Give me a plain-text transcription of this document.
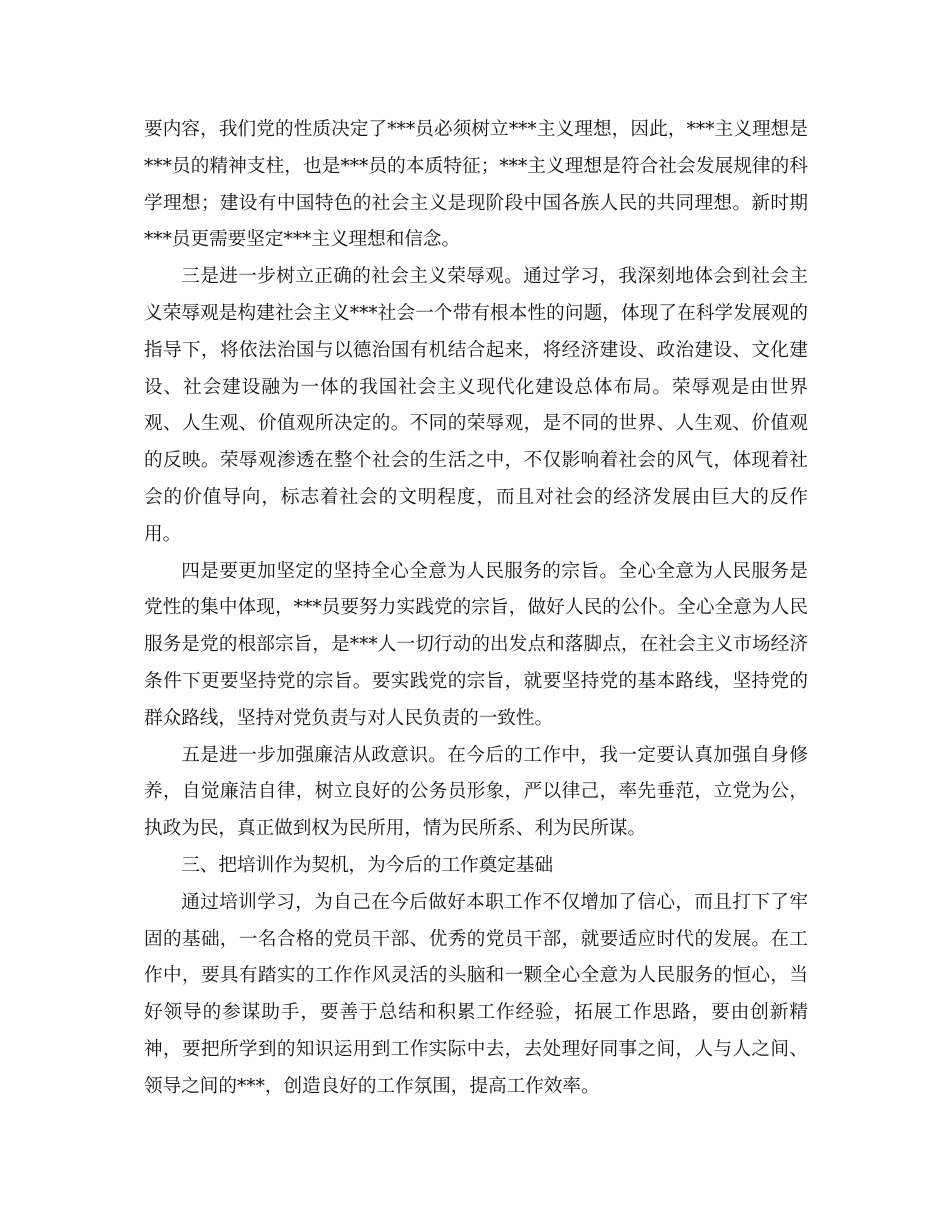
要内容，我们党的性质决定了***员必须树立***主义理想，因此，***主义理想是***员的精神支柱，也是***员的本质特征；***主义理想是符合社会发展规律的科学理想；建设有中国特色的社会主义是现阶段中国各族人民的共同理想。新时期***员更需要坚定***主义理想和信念。

三是进一步树立正确的社会主义荣辱观。通过学习，我深刻地体会到社会主义荣辱观是构建社会主义***社会一个带有根本性的问题，体现了在科学发展观的指导下，将依法治国与以德治国有机结合起来，将经济建设、政治建设、文化建设、社会建设融为一体的我国社会主义现代化建设总体布局。荣辱观是由世界观、人生观、价值观所决定的。不同的荣辱观，是不同的世界、人生观、价值观的反映。荣辱观渗透在整个社会的生活之中，不仅影响着社会的风气，体现着社会的价值导向，标志着社会的文明程度，而且对社会的经济发展由巨大的反作用。

四是要更加坚定的坚持全心全意为人民服务的宗旨。全心全意为人民服务是党性的集中体现，***员要努力实践党的宗旨，做好人民的公仆。全心全意为人民服务是党的根部宗旨，是***人一切行动的出发点和落脚点，在社会主义市场经济条件下更要坚持党的宗旨。要实践党的宗旨，就要坚持党的基本路线，坚持党的群众路线，坚持对党负责与对人民负责的一致性。

五是进一步加强廉洁从政意识。在今后的工作中，我一定要认真加强自身修养，自觉廉洁自律，树立良好的公务员形象，严以律己，率先垂范，立党为公，执政为民，真正做到权为民所用，情为民所系、利为民所谋。

三、把培训作为契机，为今后的工作奠定基础

通过培训学习，为自己在今后做好本职工作不仅增加了信心，而且打下了牢固的基础，一名合格的党员干部、优秀的党员干部，就要适应时代的发展。在工作中，要具有踏实的工作作风灵活的头脑和一颗全心全意为人民服务的恒心，当好领导的参谋助手，要善于总结和积累工作经验，拓展工作思路，要由创新精神，要把所学到的知识运用到工作实际中去，去处理好同事之间，人与人之间、领导之间的***，创造良好的工作氛围，提高工作效率。
